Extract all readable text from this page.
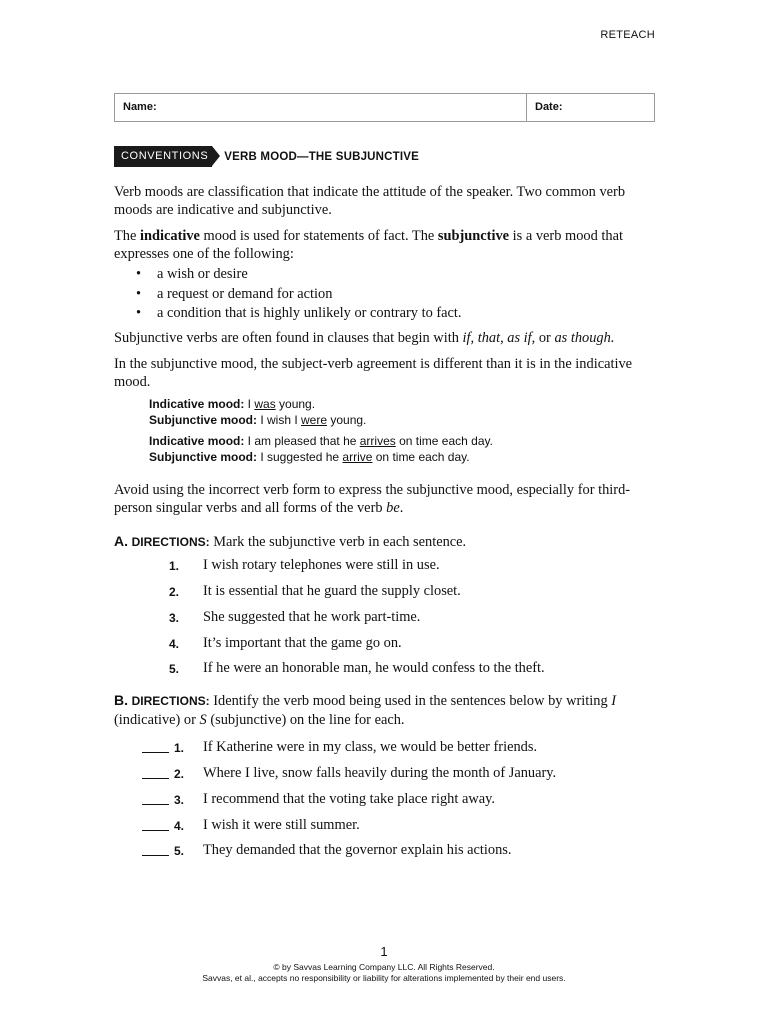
RETEACH
Name:	Date:
CONVENTIONS	VERB MOOD—THE SUBJUNCTIVE
Verb moods are classification that indicate the attitude of the speaker. Two common verb moods are indicative and subjunctive.
The indicative mood is used for statements of fact. The subjunctive is a verb mood that expresses one of the following:
• a wish or desire
• a request or demand for action
• a condition that is highly unlikely or contrary to fact.
Subjunctive verbs are often found in clauses that begin with if, that, as if, or as though.
In the subjunctive mood, the subject-verb agreement is different than it is in the indicative mood.
Indicative mood: I was young.
Subjunctive mood: I wish I were young.
Indicative mood: I am pleased that he arrives on time each day.
Subjunctive mood: I suggested he arrive on time each day.
Avoid using the incorrect verb form to express the subjunctive mood, especially for third-person singular verbs and all forms of the verb be.
A. DIRECTIONS: Mark the subjunctive verb in each sentence.
1. I wish rotary telephones were still in use.
2. It is essential that he guard the supply closet.
3. She suggested that he work part-time.
4. It’s important that the game go on.
5. If he were an honorable man, he would confess to the theft.
B. DIRECTIONS: Identify the verb mood being used in the sentences below by writing I (indicative) or S (subjunctive) on the line for each.
1. If Katherine were in my class, we would be better friends.
2. Where I live, snow falls heavily during the month of January.
3. I recommend that the voting take place right away.
4. I wish it were still summer.
5. They demanded that the governor explain his actions.
1
© by Savvas Learning Company LLC. All Rights Reserved.
Savvas, et al., accepts no responsibility or liability for alterations implemented by their end users.
